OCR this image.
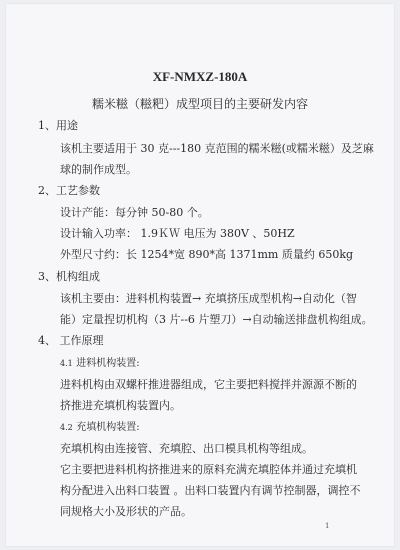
XF-NMXZ-180A
糯米糍（糍粑）成型项目的主要研发内容
1、用途
该机主要适用于 30 克---180 克范围的糯米糍(或糯米糍）及芝麻
球的制作成型。
2、工艺参数
设计产能：每分钟 50-80 个。
设计输入功率： 1.9ＫＷ 电压为 380V 、50HZ
外型尺寸约：长 1254*宽 890*高 1371mm 质量约 650kg
3、机构组成
该机主要由：进料机构装置→ 充填挤压成型机构→自动化（智
能）定量捏切机构（3 片--6 片塑刀）→自动输送排盘机构组成。
4、 工作原理
4.1 进料机构装置:
进料机构由双螺杆推进器组成，它主要把料搅拌并源源不断的
挤推进充填机构装置内。
4.2 充填机构装置:
充填机构由连接管、充填腔、出口模具机构等组成。
它主要把进料机构挤推进来的原料充满充填腔体并通过充填机
构分配进入出料口装置 。出料口装置内有调节控制器，调控不
同规格大小及形状的产品。
1
